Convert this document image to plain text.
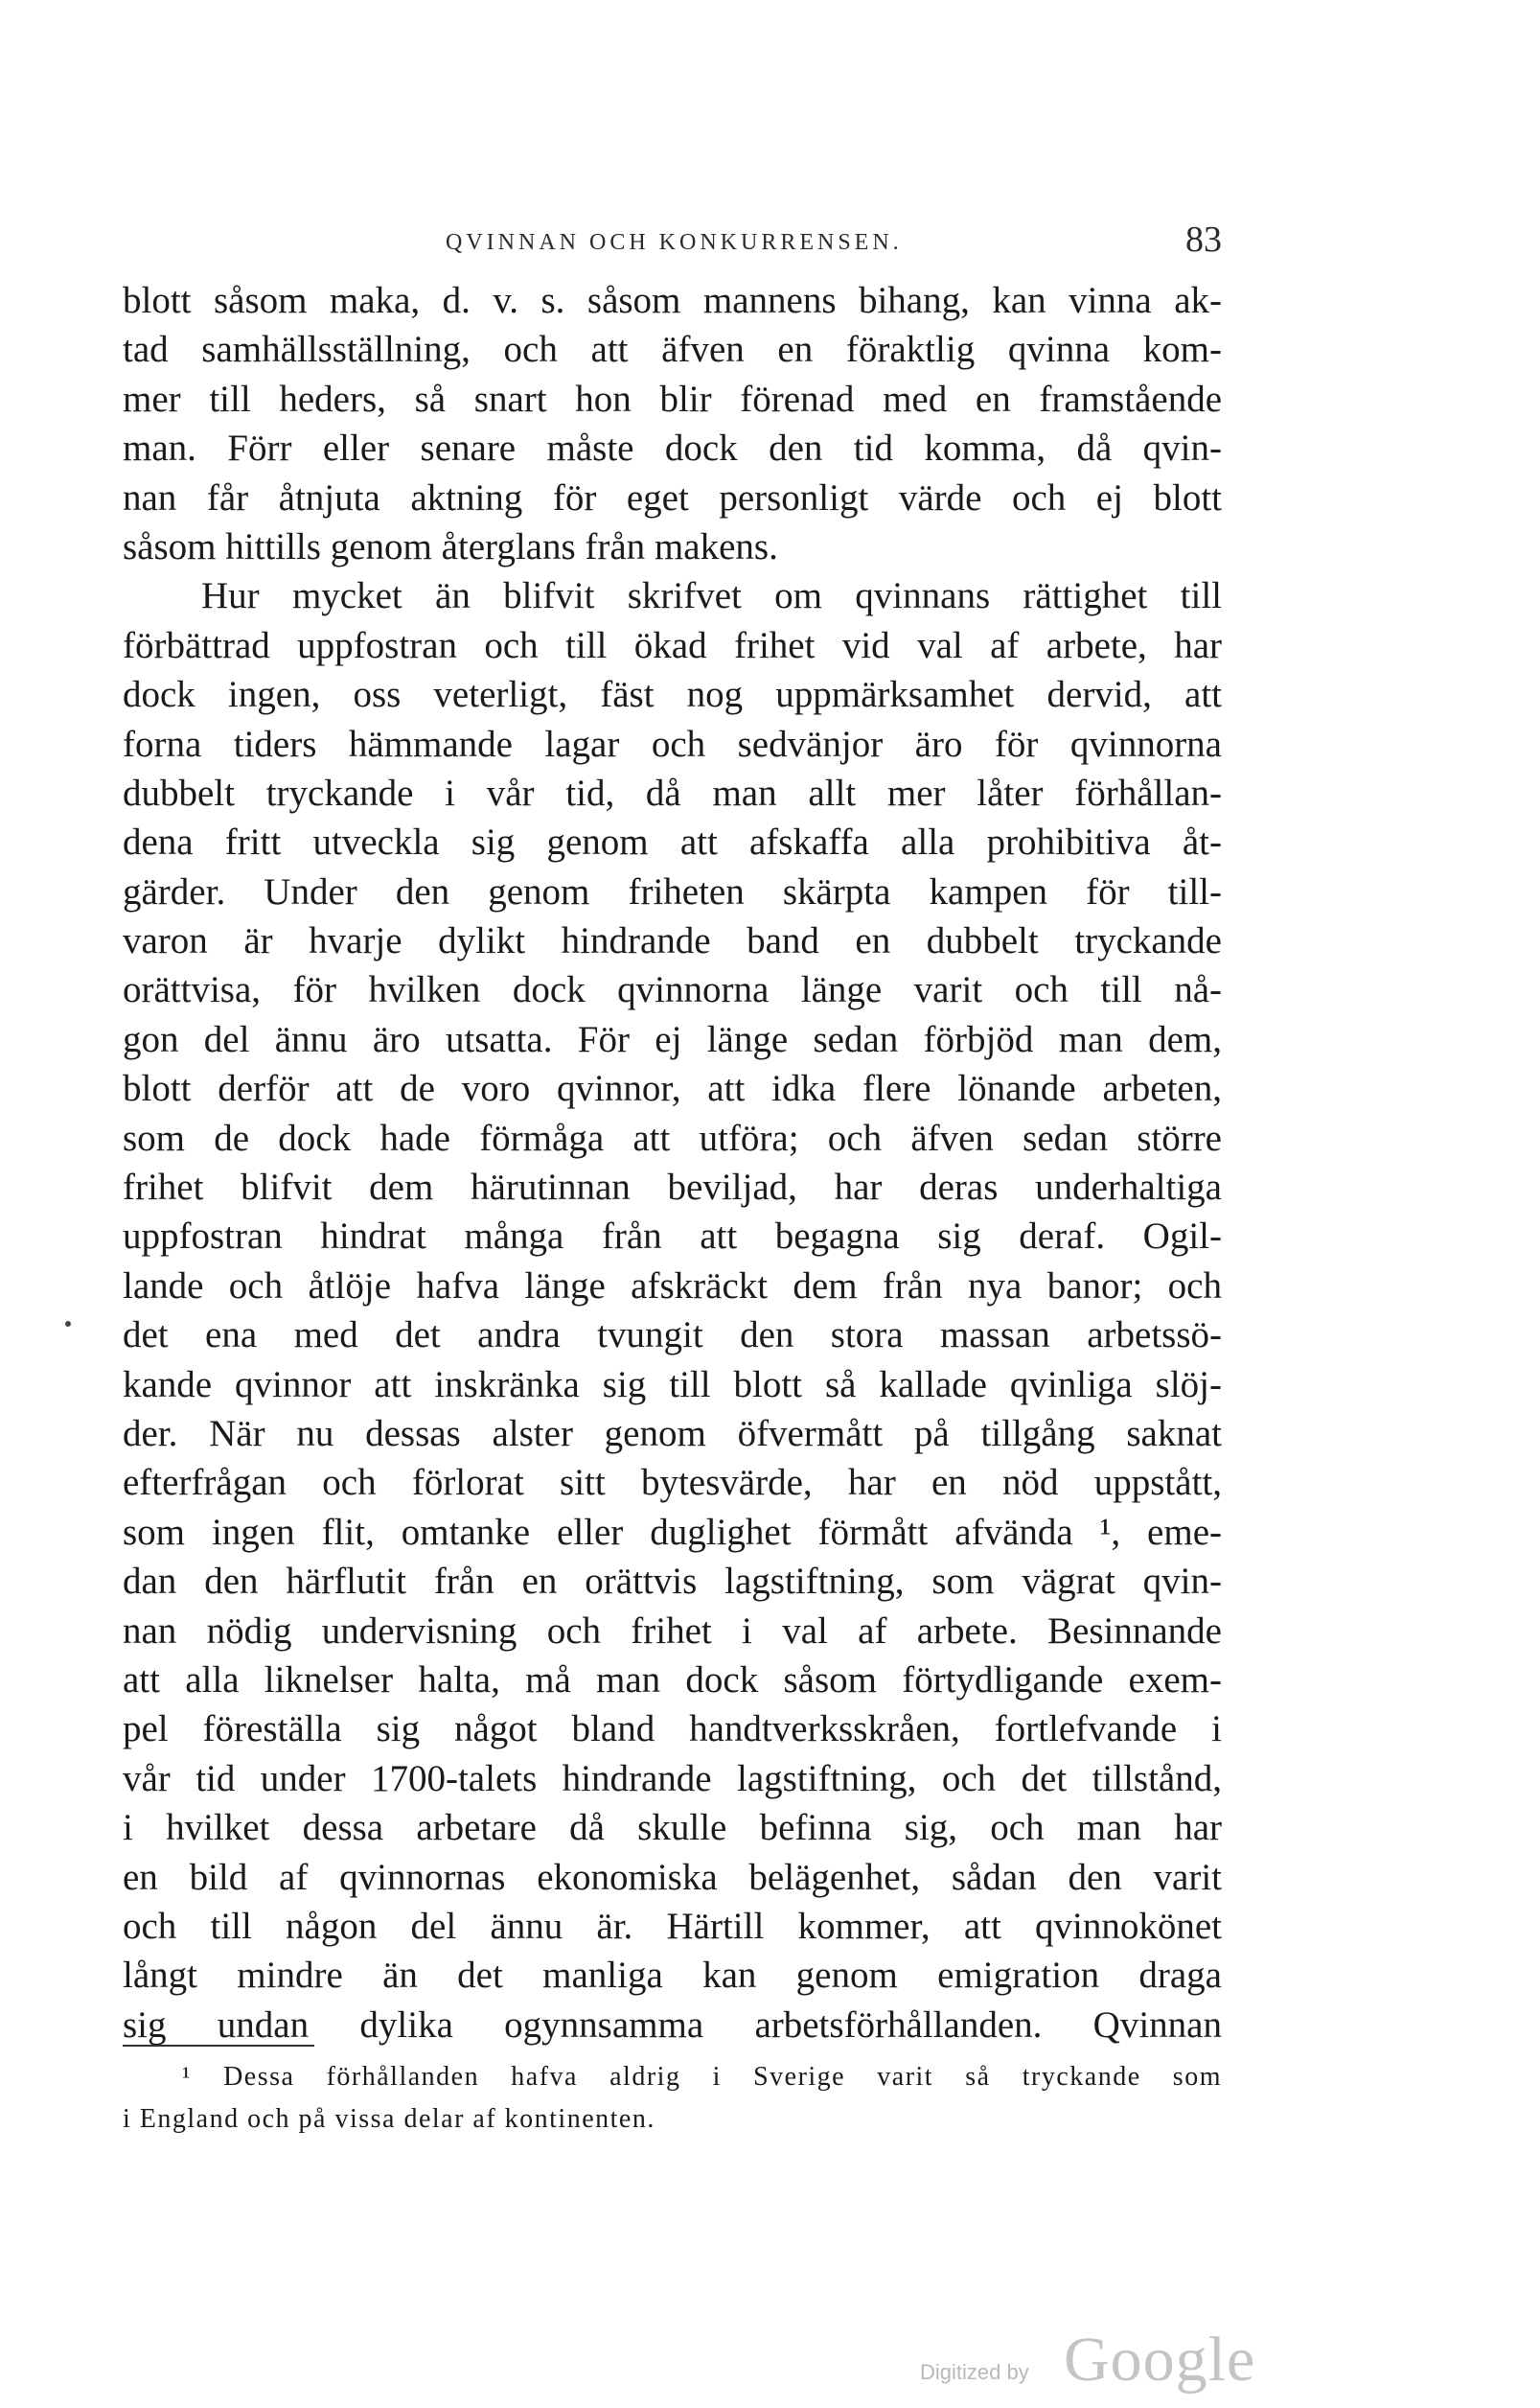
QVINNAN OCH KONKURRENSEN.	83
blott såsom maka, d. v. s. såsom mannens bihang, kan vinna ak-
tad samhällsställning, och att äfven en föraktlig qvinna kom-
mer till heders, så snart hon blir förenad med en framstående
man. Förr eller senare måste dock den tid komma, då qvin-
nan får åtnjuta aktning för eget personligt värde och ej blott
såsom hittills genom återglans från makens.
Hur mycket än blifvit skrifvet om qvinnans rättighet till
förbättrad uppfostran och till ökad frihet vid val af arbete, har
dock ingen, oss veterligt, fäst nog uppmärksamhet dervid, att
forna tiders hämmande lagar och sedvänjor äro för qvinnorna
dubbelt tryckande i vår tid, då man allt mer låter förhållan-
dena fritt utveckla sig genom att afskaffa alla prohibitiva åt-
gärder. Under den genom friheten skärpta kampen för till-
varon är hvarje dylikt hindrande band en dubbelt tryckande
orättvisa, för hvilken dock qvinnorna länge varit och till nå-
gon del ännu äro utsatta. För ej länge sedan förbjöd man dem,
blott derför att de voro qvinnor, att idka flere lönande arbeten,
som de dock hade förmåga att utföra; och äfven sedan större
frihet blifvit dem härutinnan beviljad, har deras underhaltiga
uppfostran hindrat många från att begagna sig deraf. Ogil-
lande och åtlöje hafva länge afskräckt dem från nya banor; och
det ena med det andra tvungit den stora massan arbetssö-
kande qvinnor att inskränka sig till blott så kallade qvinliga slöj-
der. När nu dessas alster genom öfvermått på tillgång saknat
efterfrågan och förlorat sitt bytesvärde, har en nöd uppstått,
som ingen flit, omtanke eller duglighet förmått afvända ¹, eme-
dan den härflutit från en orättvis lagstiftning, som vägrat qvin-
nan nödig undervisning och frihet i val af arbete. Besinnande
att alla liknelser halta, må man dock såsom förtydligande exem-
pel föreställa sig något bland handtverksskråen, fortlefvande i
vår tid under 1700-talets hindrande lagstiftning, och det tillstånd,
i hvilket dessa arbetare då skulle befinna sig, och man har
en bild af qvinnornas ekonomiska belägenhet, sådan den varit
och till någon del ännu är. Härtill kommer, att qvinnokönet
långt mindre än det manliga kan genom emigration draga
sig undan dylika ogynnsamma arbetsförhållanden. Qvinnan
¹ Dessa förhållanden hafva aldrig i Sverige varit så tryckande som
i England och på vissa delar af kontinenten.
Digitized by Google
